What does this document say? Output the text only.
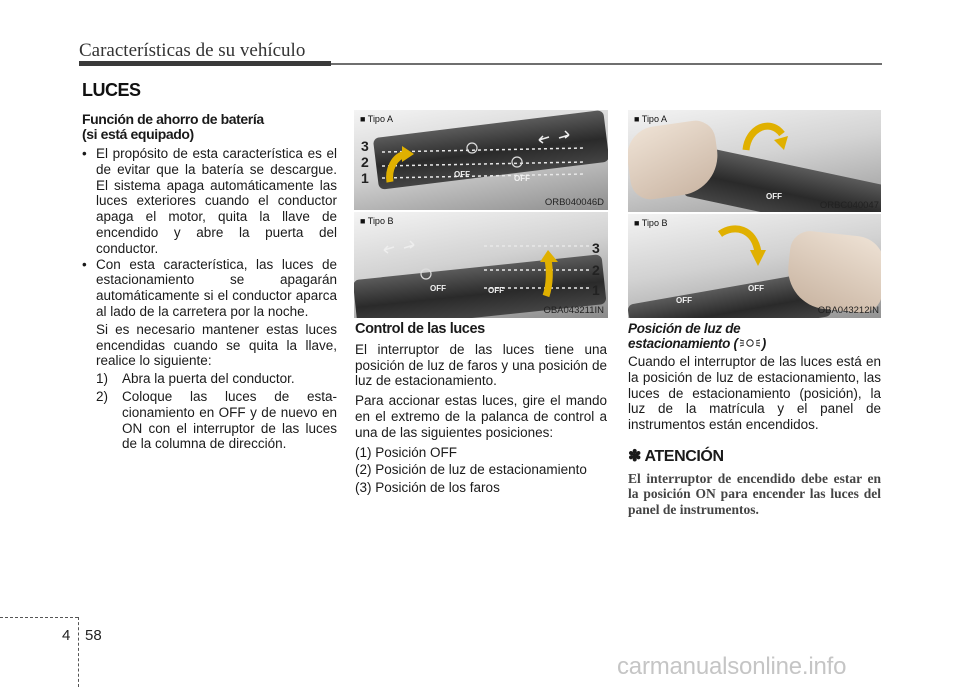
Características de su vehículo
LUCES
Función de ahorro de batería
(si está equipado)
• El propósito de esta característica es el de evitar que la batería se descargue. El sistema apaga automáticamente las luces exteriores cuando el conductor apaga el motor, quita la llave de encendido y abre la puerta del conductor.
• Con esta característica, las luces de estacionamiento se apagarán automáticamente si el conductor aparca al lado de la carretera por la noche.
Si es necesario mantener estas luces encendidas cuando se quita la llave, realice lo siguiente:
1) Abra la puerta del conductor.
2) Coloque las luces de esta-cionamiento en OFF y de nuevo en ON con el interruptor de las luces de la columna de dirección.
3
2
1	OFF	OFF
■ Tipo A
ORB040046D
3
2
1
OFF	OFF
■ Tipo B
OBA043211IN
OFF
■ Tipo A
ORBC040047
OFF
OFF
■ Tipo B
OBA043212IN
Control de las luces
El interruptor de las luces tiene una posición de luz de faros y una posición de luz de estacionamiento.
Para accionar estas luces, gire el mando en el extremo de la palanca de control a una de las siguientes posiciones:
(1) Posición OFF
(2) Posición de luz de estacionamiento
(3) Posición de los faros
Posición de luz de
estacionamiento ( )
Cuando el interruptor de las luces está en la posición de luz de estacionamiento, las luces de estacionamiento (posición), la luz de la matrícula y el panel de instrumentos están encendidos.
✽ ATENCIÓN
El interruptor de encendido debe estar en la posición ON para encender las luces del panel de instrumentos.
4 58
carmanualsonline.info
